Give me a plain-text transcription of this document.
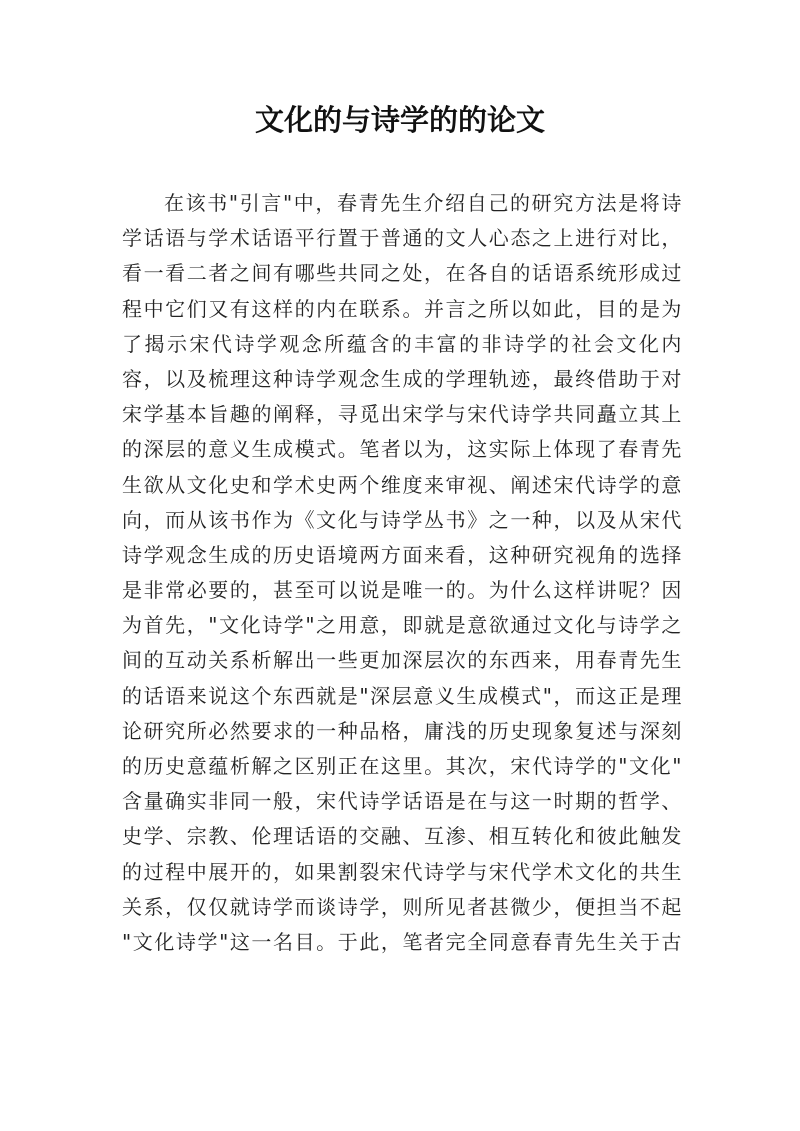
文化的与诗学的的论文
在该书"引言"中，春青先生介绍自己的研究方法是将诗
学话语与学术话语平行置于普通的文人心态之上进行对比，
看一看二者之间有哪些共同之处，在各自的话语系统形成过
程中它们又有这样的内在联系。并言之所以如此，目的是为
了揭示宋代诗学观念所蕴含的丰富的非诗学的社会文化内
容，以及梳理这种诗学观念生成的学理轨迹，最终借助于对
宋学基本旨趣的阐释，寻觅出宋学与宋代诗学共同矗立其上
的深层的意义生成模式。笔者以为，这实际上体现了春青先
生欲从文化史和学术史两个维度来审视、阐述宋代诗学的意
向，而从该书作为《文化与诗学丛书》之一种，以及从宋代
诗学观念生成的历史语境两方面来看，这种研究视角的选择
是非常必要的，甚至可以说是唯一的。为什么这样讲呢？因
为首先，"文化诗学"之用意，即就是意欲通过文化与诗学之
间的互动关系析解出一些更加深层次的东西来，用春青先生
的话语来说这个东西就是"深层意义生成模式"，而这正是理
论研究所必然要求的一种品格，庸浅的历史现象复述与深刻
的历史意蕴析解之区别正在这里。其次，宋代诗学的"文化"
含量确实非同一般，宋代诗学话语是在与这一时期的哲学、
史学、宗教、伦理话语的交融、互渗、相互转化和彼此触发
的过程中展开的，如果割裂宋代诗学与宋代学术文化的共生
关系，仅仅就诗学而谈诗学，则所见者甚微少，便担当不起
"文化诗学"这一名目。于此，笔者完全同意春青先生关于古
